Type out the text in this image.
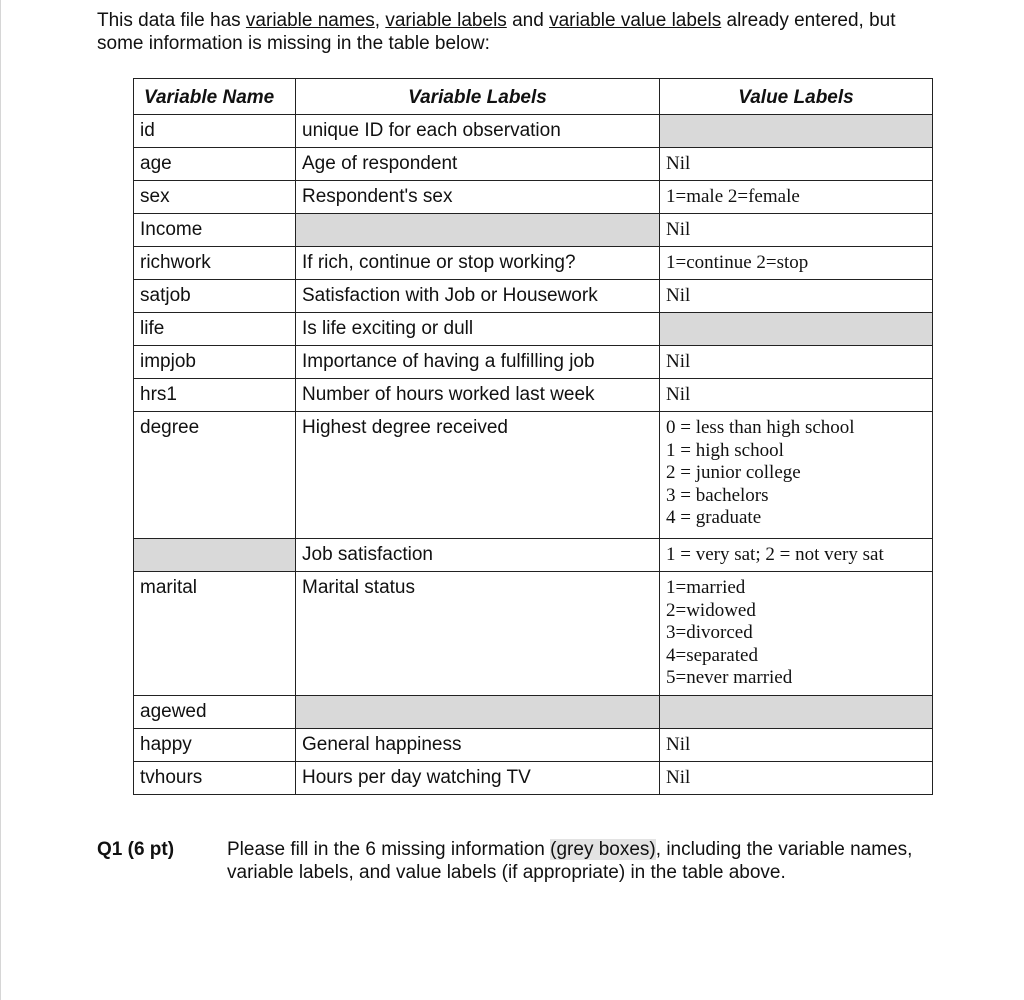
This data file has variable names, variable labels and variable value labels already entered, but
some information is missing in the table below:
Variable Name	Variable Labels	Value Labels
id	unique ID for each observation	

age	Age of respondent	Nil

sex	Respondent's sex	1=male 2=female

Income		Nil

richwork	If rich, continue or stop working?	1=continue 2=stop

satjob	Satisfaction with Job or Housework	Nil

life	Is life exciting or dull	

impjob	Importance of having a fulfilling job	Nil

hrs1	Number of hours worked last week	Nil

degree	Highest degree received	0 = less than high school
1 = high school
2 = junior college
3 = bachelors
4 = graduate

	Job satisfaction	1 = very sat; 2 = not very sat

marital	Marital status	1=married
2=widowed
3=divorced
4=separated
5=never married

agewed		

happy	General happiness	Nil

tvhours	Hours per day watching TV	Nil
Q1 (6 pt)	Please fill in the 6 missing information (grey boxes), including the variable names,
variable labels, and value labels (if appropriate) in the table above.
